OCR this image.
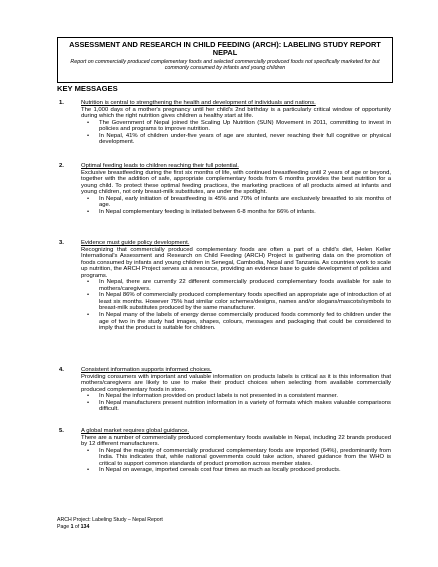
ASSESSMENT AND RESEARCH IN CHILD FEEDING (ARCH): LABELING STUDY REPORT
NEPAL
Report on commercially produced complementary foods and selected commercially produced foods not specifically marketed for but commonly consumed by infants and young children
KEY MESSAGES
1.	Nutrition is central to strengthening the health and development of individuals and nations.
The 1,000 days of a mother's pregnancy until her child's 2nd birthday is a particularly critical window of opportunity during which the right nutrition gives children a healthy start at life.
• The Government of Nepal joined the Scaling Up Nutrition (SUN) Movement in 2011, committing to invest in policies and programs to improve nutrition.
• In Nepal, 41% of children under-five years of age are stunted, never reaching their full cognitive or physical development.
2.	Optimal feeding leads to children reaching their full potential.
Exclusive breastfeeding during the first six months of life, with continued breastfeeding until 2 years of age or beyond, together with the addition of safe, appropriate complementary foods from 6 months provides the best nutrition for a young child. To protect these optimal feeding practices, the marketing practices of all products aimed at infants and young children, not only breast-milk substitutes, are under the spotlight.
• In Nepal, early initiation of breastfeeding is 45% and 70% of infants are exclusively breastfed to six months of age.
• In Nepal complementary feeding is initiated between 6-8 months for 66% of infants.
3.	Evidence must guide policy development.
Recognizing that commercially produced complementary foods are often a part of a child's diet, Helen Keller International's Assessment and Research on Child Feeding (ARCH) Project is gathering data on the promotion of foods consumed by infants and young children in Senegal, Cambodia, Nepal and Tanzania. As countries work to scale up nutrition, the ARCH Project serves as a resource, providing an evidence base to guide development of policies and programs.
• In Nepal, there are currently 22 different commercially produced complementary foods available for sale to mothers/caregivers.
• In Nepal 86% of commercially produced complementary foods specified an appropriate age of introduction of at least six months. However 75% had similar color schemes/designs, names and/or slogans/mascots/symbols to breast-milk substitutes produced by the same manufacturer.
• In Nepal many of the labels of energy dense commercially produced foods commonly fed to children under the age of two in the study had images, shapes, colours, messages and packaging that could be considered to imply that the product is suitable for children.
4.	Consistent information supports informed choices.
Providing consumers with important and valuable information on products labels is critical as it is this information that mothers/caregivers are likely to use to make their product choices when selecting from available commercially produced complementary foods in store.
• In Nepal the information provided on product labels is not presented in a consistent manner.
• In Nepal manufacturers present nutrition information in a variety of formats which makes valuable comparisons difficult.
5.	A global market requires global guidance.
There are a number of commercially produced complementary foods available in Nepal, including 22 brands produced by 12 different manufacturers.
• In Nepal the majority of commercially produced complementary foods are imported (64%), predominantly from India. This indicates that, while national governments could take action, shared guidance from the WHO is critical to support common standards of product promotion across member states.
• In Nepal on average, imported cereals cost four times as much as locally produced products.
ARCH Project: Labeling Study – Nepal Report
Page 1 of 134
